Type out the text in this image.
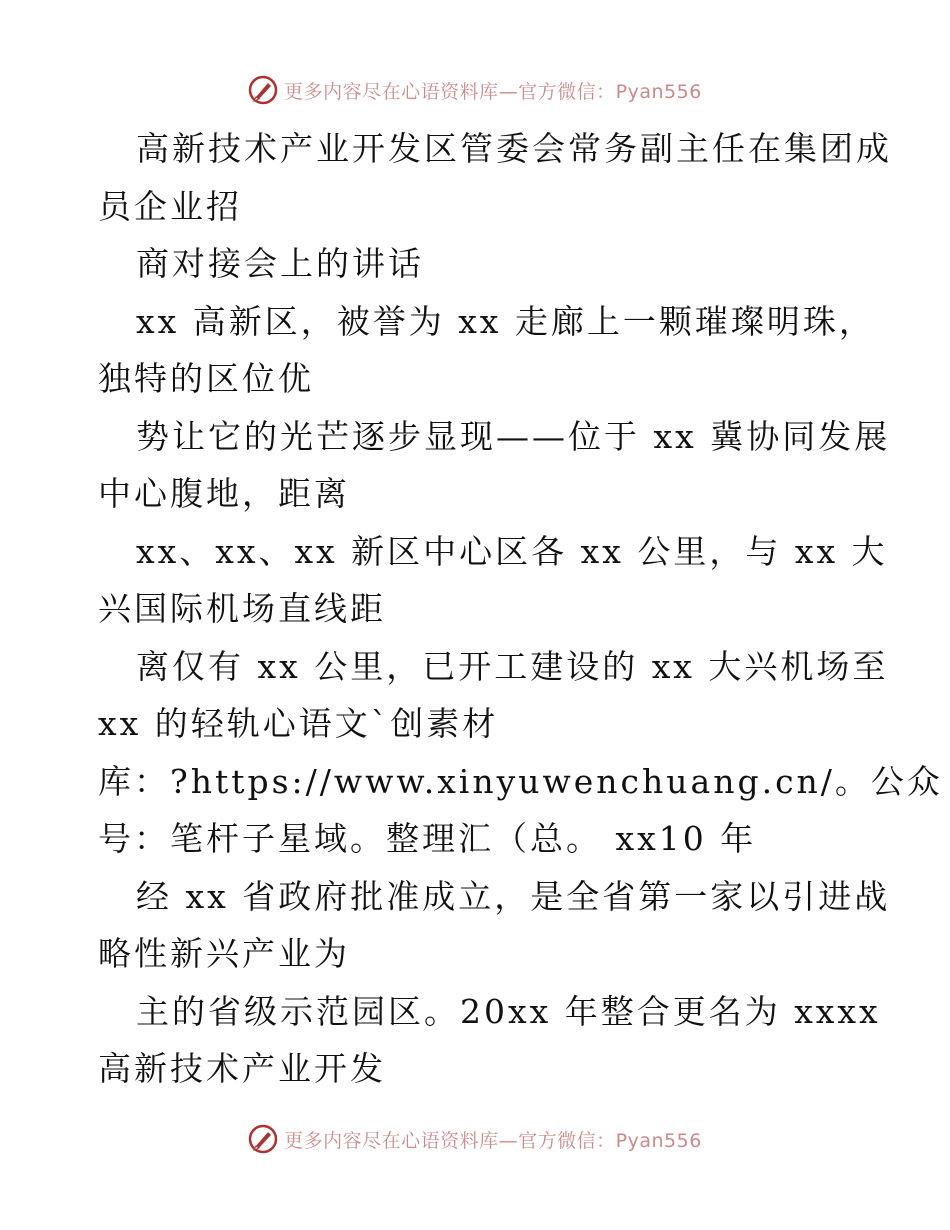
更多内容尽在心语资料库—官方微信：Pyan556
高新技术产业开发区管委会常务副主任在集团成
员企业招
商对接会上的讲话
xx 高新区，被誉为 xx 走廊上一颗璀璨明珠，
独特的区位优
势让它的光芒逐步显现——位于 xx 冀协同发展
中心腹地，距离
xx、xx、xx 新区中心区各 xx 公里，与 xx 大
兴国际机场直线距
离仅有 xx 公里，已开工建设的 xx 大兴机场至
xx 的轻轨心语文`创素材
库：?https://www.xinyuwenchuang.cn/。公众
号：笔杆子星域。整理汇（总。 xx10 年
经 xx 省政府批准成立，是全省第一家以引进战
略性新兴产业为
主的省级示范园区。20xx 年整合更名为 xxxx
高新技术产业开发
更多内容尽在心语资料库—官方微信：Pyan556
